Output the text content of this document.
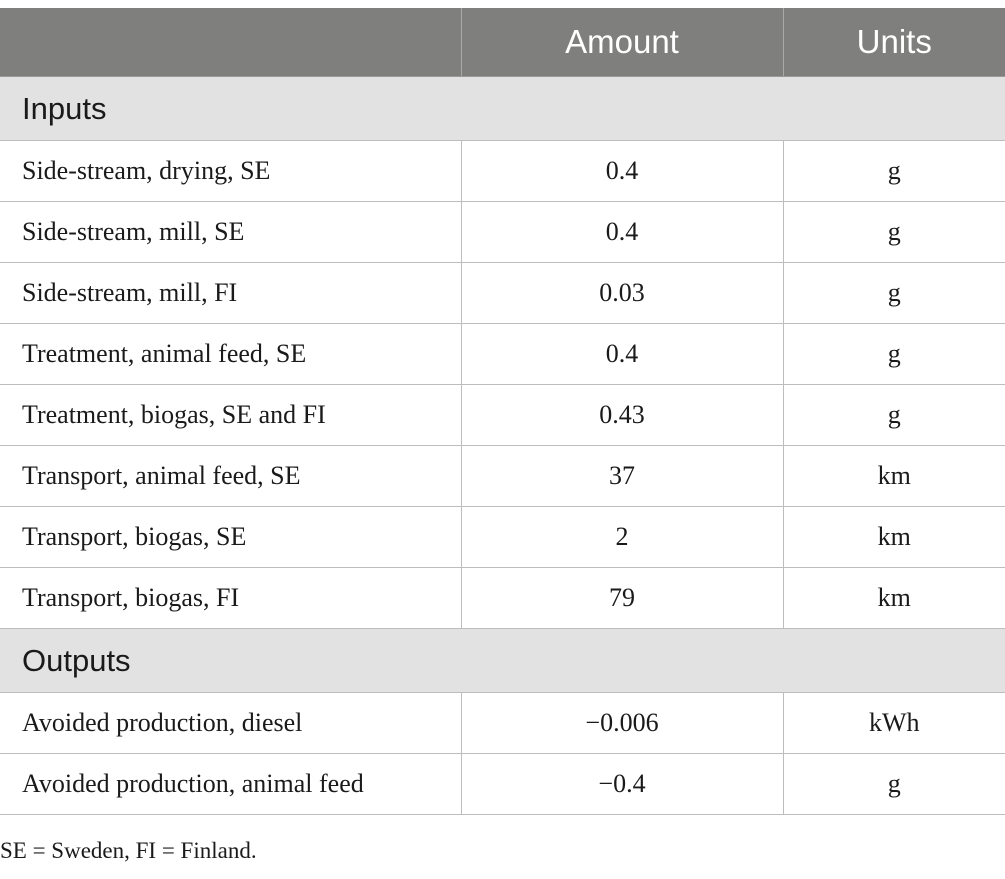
	Amount	Units
Inputs		
Side-stream, drying, SE	0.4	g
Side-stream, mill, SE	0.4	g
Side-stream, mill, FI	0.03	g
Treatment, animal feed, SE	0.4	g
Treatment, biogas, SE and FI	0.43	g
Transport, animal feed, SE	37	km
Transport, biogas, SE	2	km
Transport, biogas, FI	79	km
Outputs		
Avoided production, diesel	−0.006	kWh
Avoided production, animal feed	−0.4	g
SE = Sweden, FI = Finland.
